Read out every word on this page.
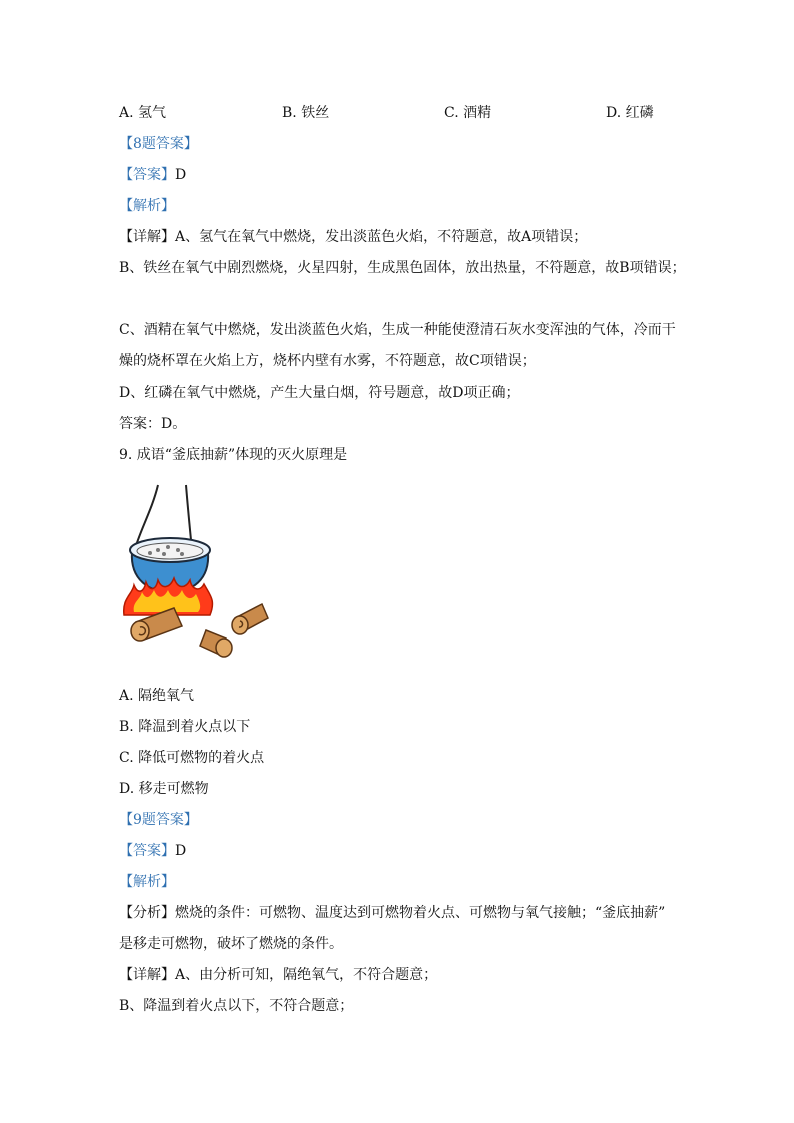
A. 氢气	B. 铁丝	C. 酒精	D. 红磷
【8题答案】
【答案】D
【解析】
【详解】A、氢气在氧气中燃烧，发出淡蓝色火焰，不符题意，故A项错误；
B、铁丝在氧气中剧烈燃烧，火星四射，生成黑色固体，放出热量，不符题意，故B项错误；
C、酒精在氧气中燃烧，发出淡蓝色火焰，生成一种能使澄清石灰水变浑浊的气体，冷而干
燥的烧杯罩在火焰上方，烧杯内壁有水雾，不符题意，故C项错误；
D、红磷在氧气中燃烧，产生大量白烟，符号题意，故D项正确；
答案：D。
9. 成语“釜底抽薪”体现的灭火原理是
A. 隔绝氧气
B. 降温到着火点以下
C. 降低可燃物的着火点
D. 移走可燃物
【9题答案】
【答案】D
【解析】
【分析】燃烧的条件：可燃物、温度达到可燃物着火点、可燃物与氧气接触；“釜底抽薪”
是移走可燃物，破坏了燃烧的条件。
【详解】A、由分析可知，隔绝氧气，不符合题意；
B、降温到着火点以下，不符合题意；
